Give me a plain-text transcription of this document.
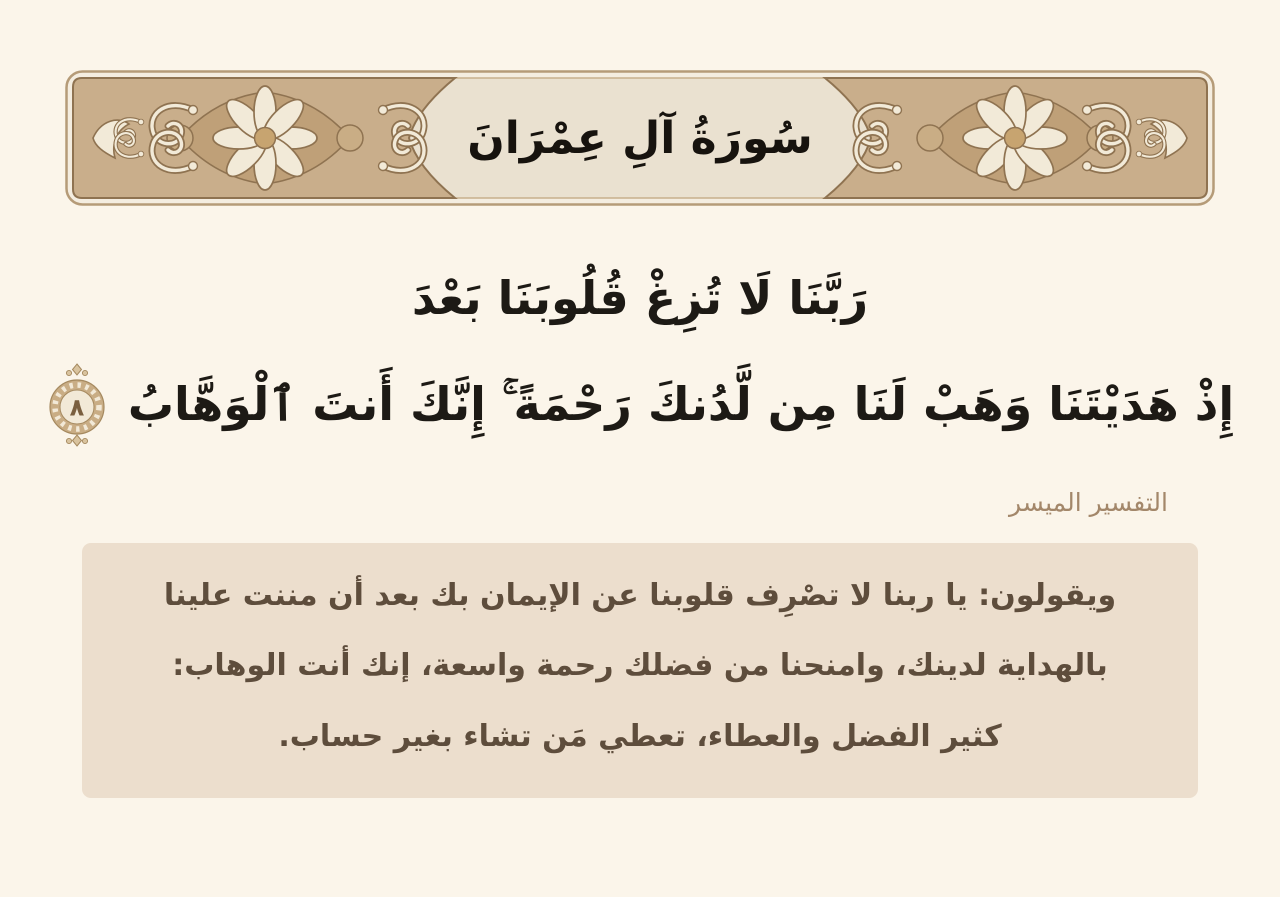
سُورَةُ آلِ عِمْرَانَ
رَبَّنَا لَا تُزِغْ قُلُوبَنَا بَعْدَ
إِذْ هَدَيْتَنَا وَهَبْ لَنَا مِن لَّدُنكَ رَحْمَةً ۚ إِنَّكَ أَنتَ ٱلْوَهَّابُ
٨
التفسير الميسر

ويقولون: يا ربنا لا تصْرِف قلوبنا عن الإيمان بك بعد أن مننت علينا بالهداية لدينك، وامنحنا من فضلك رحمة واسعة، إنك أنت الوهاب: كثير الفضل والعطاء، تعطي مَن تشاء بغير حساب.
